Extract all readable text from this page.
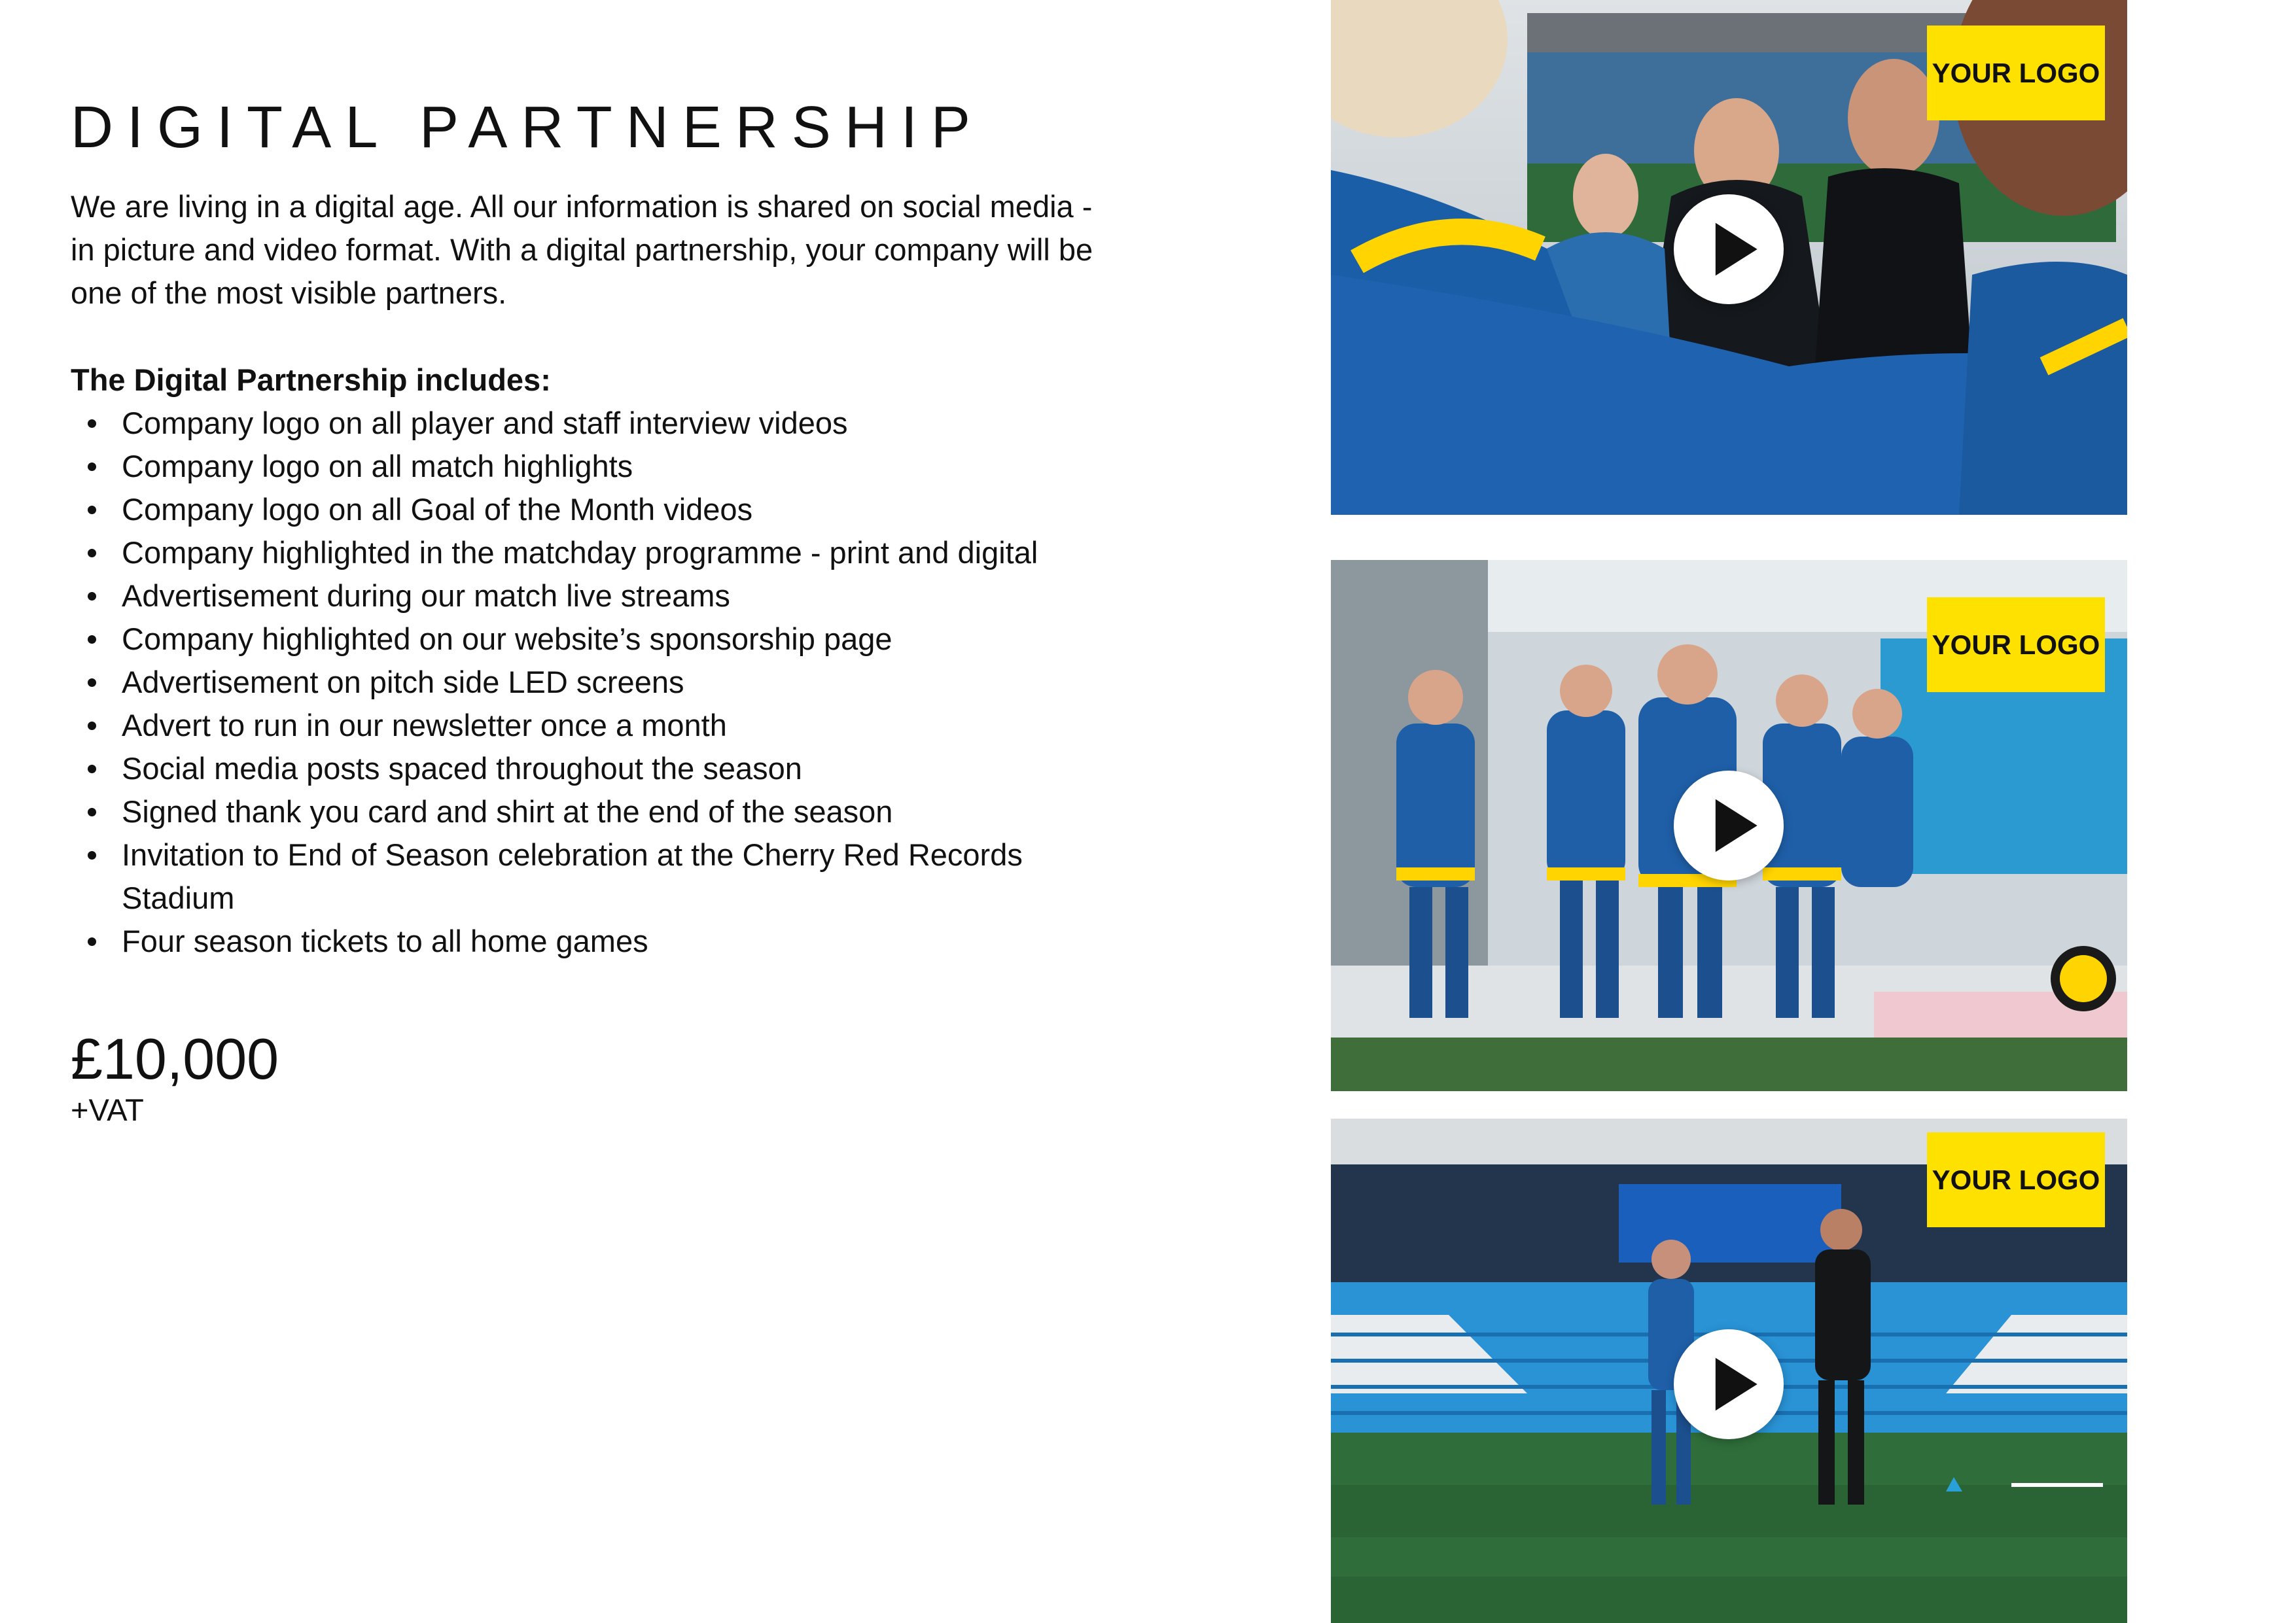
DIGITAL PARTNERSHIP

We are living in a digital age. All our information is shared on social media - in picture and video format. With a digital partnership, your company will be one of the most visible partners.

The Digital Partnership includes:

Company logo on all player and staff interview videos
Company logo on all match highlights
Company logo on all Goal of the Month videos
Company highlighted in the matchday programme - print and digital
Advertisement during our match live streams
Company highlighted on our website’s sponsorship page
Advertisement on pitch side LED screens
Advert to run in our newsletter once a month
Social media posts spaced throughout the season
Signed thank you card and shirt at the end of the season
Invitation to End of Season celebration at the Cherry Red Records Stadium
Four season tickets to all home games
£10,000
+VAT
YOUR LOGO
YOUR LOGO
YOUR LOGO
